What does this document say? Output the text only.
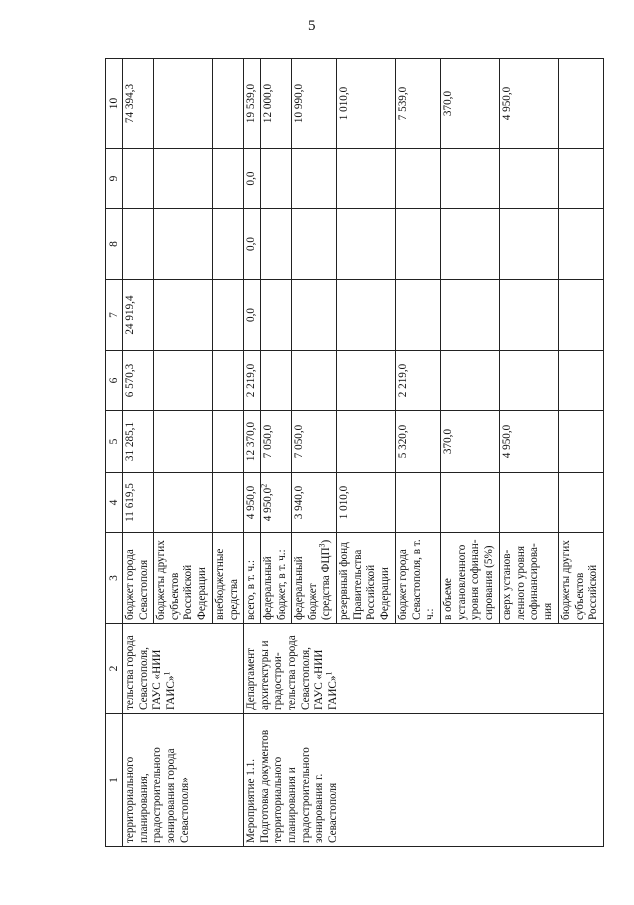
5
1	2	3	4	5	6	7	8	9	10
территориального планирования, градостроительного зонирования города Севастополя»	тельства города Севастополя, ГАУС «НИИ ГАИС»$^1$	бюджет города Севастополя	11 619,5	31 285,1	6 570,3	24 919,4			74 394,3
		бюджеты других субъектов Российской Федерации							
		внебюджетные средства							
Мероприятие 1.1. Подготовка документов территориального планирования и градостроительного зонирования г. Севастополя	Департамент архитектуры и градострои-тельства города Севастополя, ГАУС «НИИ ГАИС»$^1$	всего, в т. ч.:	4 950,0	12 370,0	2 219,0	0,0	0,0	0,0	19 539,0
		федеральный бюджет, в т. ч.:	4 950,0$^2$	7 050,0					12 000,0
		федеральный бюджет (средства ФЦП$^3$)	3 940,0	7 050,0					10 990,0
		резервный фонд Правительства Российской Федерации	1 010,0						1 010,0
		бюджет города Севастополя, в т. ч.:		5 320,0	2 219,0				7 539,0
		в объеме установленного уровня софинан-сирования (5%)		370,0					370,0
		сверх установ-ленного уровня софинансирова-ния		4 950,0					4 950,0
		бюджеты других субъектов Российской							
